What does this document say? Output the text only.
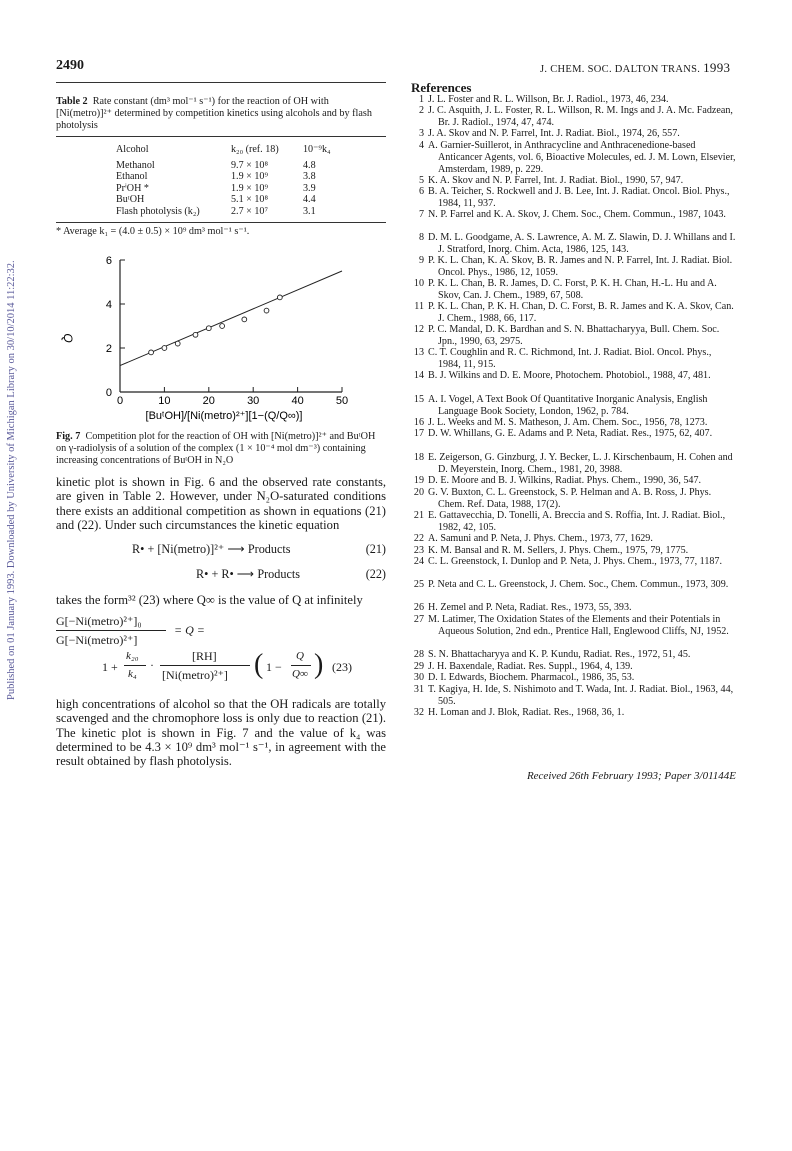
Published on 01 January 1993. Downloaded by University of Michigan Library on 30/10/2014 11:22:32.
2490	J. CHEM. SOC. DALTON TRANS. 1993
Table 2 Rate constant (dm³ mol⁻¹ s⁻¹) for the reaction of OH with [Ni(metro)]²⁺ determined by competition kinetics using alcohols and by flash photolysis
Alcohol	k₂₀ (ref. 18)	10⁻⁹k₄

Methanol	9.7 × 10⁸	4.8
Ethanol	1.9 × 10⁹	3.8
PrⁱOH *	1.9 × 10⁹	3.9
BuᵗOH	5.1 × 10⁸	4.4
Flash photolysis (k₂)	2.7 × 10⁷	3.1
* Average k₁ = (4.0 ± 0.5) × 10⁹ dm³ mol⁻¹ s⁻¹.
0	10	20	30	40	50
0
2
4
6
Q
[BuᵗOH]/[Ni(metro)²⁺][1−(Q/Q∞)]
Fig. 7 Competition plot for the reaction of OH with [Ni(metro)]²⁺ and BuᵗOH on γ-radiolysis of a solution of the complex (1 × 10⁻⁴ mol dm⁻³) containing increasing concentrations of BuᵗOH in N₂O
kinetic plot is shown in Fig. 6 and the observed rate constants, are given in Table 2. However, under N₂O-saturated conditions there exists an additional competition as shown in equations (21) and (22). Under such circumstances the kinetic equation
R• + [Ni(metro)]²⁺ ⟶ Products	(21)
R• + R• ⟶ Products	(22)
takes the form³² (23) where Q∞ is the value of Q at infinitely
G[−Ni(metro)²⁺]₀
G[−Ni(metro)²⁺]
= Q =
1 +
k₂₀
k₄
·
[RH]
[Ni(metro)²⁺] ( 1 −
Q
Q∞ ) (23)
high concentrations of alcohol so that the OH radicals are totally scavenged and the chromophore loss is only due to reaction (21). The kinetic plot is shown in Fig. 7 and the value of k₄ was determined to be 4.3 × 10⁹ dm³ mol⁻¹ s⁻¹, in agreement with the result obtained by flash photolysis.
References
1 J. L. Foster and R. L. Willson, Br. J. Radiol., 1973, 46, 234.
2 J. C. Asquith, J. L. Foster, R. L. Willson, R. M. Ings and J. A. Mc. Fadzean, Br. J. Radiol., 1974, 47, 474.
3 J. A. Skov and N. P. Farrel, Int. J. Radiat. Biol., 1974, 26, 557.
4 A. Garnier-Suillerot, in Anthracycline and Anthracenedione-based Anticancer Agents, vol. 6, Bioactive Molecules, ed. J. M. Lown, Elsevier, Amsterdam, 1989, p. 229.
5 K. A. Skov and N. P. Farrel, Int. J. Radiat. Biol., 1990, 57, 947.
6 B. A. Teicher, S. Rockwell and J. B. Lee, Int. J. Radiat. Oncol. Biol. Phys., 1984, 11, 937.
7 N. P. Farrel and K. A. Skov, J. Chem. Soc., Chem. Commun., 1987, 1043.
8 D. M. L. Goodgame, A. S. Lawrence, A. M. Z. Slawin, D. J. Whillans and I. J. Stratford, Inorg. Chim. Acta, 1986, 125, 143.
9 P. K. L. Chan, K. A. Skov, B. R. James and N. P. Farrel, Int. J. Radiat. Biol. Oncol. Phys., 1986, 12, 1059.
10 P. K. L. Chan, B. R. James, D. C. Forst, P. K. H. Chan, H.-L. Hu and A. Skov, Can. J. Chem., 1989, 67, 508.
11 P. K. L. Chan, P. K. H. Chan, D. C. Forst, B. R. James and K. A. Skov, Can. J. Chem., 1988, 66, 117.
12 P. C. Mandal, D. K. Bardhan and S. N. Bhattacharyya, Bull. Chem. Soc. Jpn., 1990, 63, 2975.
13 C. T. Coughlin and R. C. Richmond, Int. J. Radiat. Biol. Oncol. Phys., 1984, 11, 915.
14 B. J. Wilkins and D. E. Moore, Photochem. Photobiol., 1988, 47, 481.
15 A. I. Vogel, A Text Book Of Quantitative Inorganic Analysis, English Language Book Society, London, 1962, p. 784.
16 J. L. Weeks and M. S. Matheson, J. Am. Chem. Soc., 1956, 78, 1273.
17 D. W. Whillans, G. E. Adams and P. Neta, Radiat. Res., 1975, 62, 407.
18 E. Zeigerson, G. Ginzburg, J. Y. Becker, L. J. Kirschenbaum, H. Cohen and D. Meyerstein, Inorg. Chem., 1981, 20, 3988.
19 D. E. Moore and B. J. Wilkins, Radiat. Phys. Chem., 1990, 36, 547.
20 G. V. Buxton, C. L. Greenstock, S. P. Helman and A. B. Ross, J. Phys. Chem. Ref. Data, 1988, 17(2).
21 E. Gattavecchia, D. Tonelli, A. Breccia and S. Roffia, Int. J. Radiat. Biol., 1982, 42, 105.
22 A. Samuni and P. Neta, J. Phys. Chem., 1973, 77, 1629.
23 K. M. Bansal and R. M. Sellers, J. Phys. Chem., 1975, 79, 1775.
24 C. L. Greenstock, I. Dunlop and P. Neta, J. Phys. Chem., 1973, 77, 1187.
25 P. Neta and C. L. Greenstock, J. Chem. Soc., Chem. Commun., 1973, 309.
26 H. Zemel and P. Neta, Radiat. Res., 1973, 55, 393.
27 M. Latimer, The Oxidation States of the Elements and their Potentials in Aqueous Solution, 2nd edn., Prentice Hall, Englewood Cliffs, NJ, 1952.
28 S. N. Bhattacharyya and K. P. Kundu, Radiat. Res., 1972, 51, 45.
29 J. H. Baxendale, Radiat. Res. Suppl., 1964, 4, 139.
30 D. I. Edwards, Biochem. Pharmacol., 1986, 35, 53.
31 T. Kagiya, H. Ide, S. Nishimoto and T. Wada, Int. J. Radiat. Biol., 1963, 44, 505.
32 H. Loman and J. Blok, Radiat. Res., 1968, 36, 1.
Received 26th February 1993; Paper 3/01144E
